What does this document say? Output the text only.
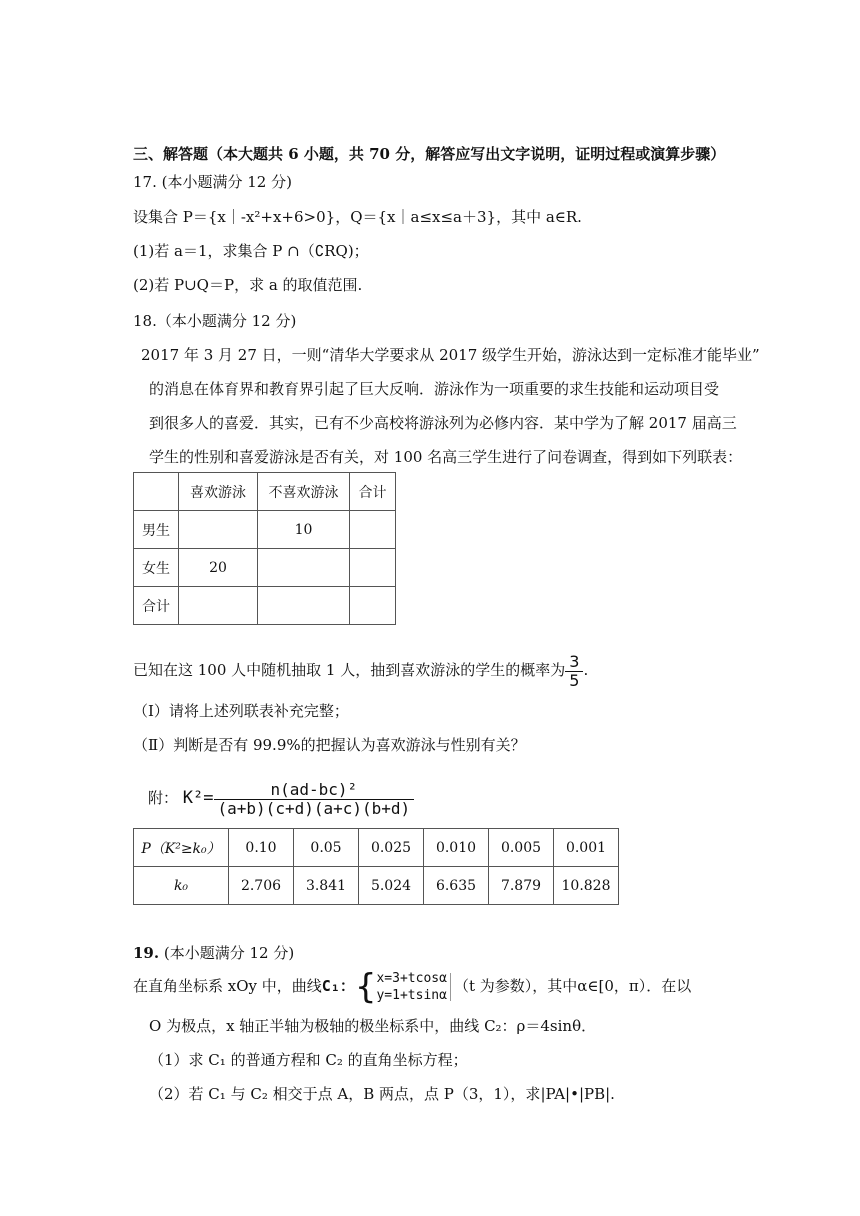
三、解答题（本大题共 6 小题，共 70 分，解答应写出文字说明，证明过程或演算步骤）
17. (本小题满分 12 分)
设集合 P＝{x｜-x²+x+6>0}，Q＝{x｜a≤x≤a＋3}，其中 a∈R.
(1)若 a＝1，求集合 P ∩（∁RQ)；
(2)若 P∪Q＝P，求 a 的取值范围.
18.（本小题满分 12 分)
2017 年 3 月 27 日，一则“清华大学要求从 2017 级学生开始，游泳达到一定标准才能毕业”
的消息在体育界和教育界引起了巨大反响．游泳作为一项重要的求生技能和运动项目受
到很多人的喜爱．其实，已有不少高校将游泳列为必修内容．某中学为了解 2017 届高三
学生的性别和喜爱游泳是否有关，对 100 名高三学生进行了问卷调查，得到如下列联表：
	喜欢游泳	不喜欢游泳	合计
男生		10	
女生	20		
合计			
已知在这 100 人中随机抽取 1 人，抽到喜欢游泳的学生的概率为 $\frac{3}{5}$ .
（Ⅰ）请将上述列联表补充完整；
（Ⅱ）判断是否有 99.9%的把握认为喜欢游泳与性别有关？
附： $K^2= \frac{\text{n(ad-bc)²}}{(a+b)(c+d)(a+c)(b+d)}$
P（K²≥k₀）	0.10	0.05	0.025	0.010	0.005	0.001
k₀	2.706	3.841	5.024	6.635	7.879	10.828
19. (本小题满分 12 分)
在直角坐标系 xOy 中，曲线C₁：{ x=3+tcosα
y=1+tsinα
（t 为参数），其中α∈[0，π）．在以
O 为极点，x 轴正半轴为极轴的极坐标系中，曲线 C₂：ρ＝4sinθ．
（1）求 C₁ 的普通方程和 C₂ 的直角坐标方程；
（2）若 C₁ 与 C₂ 相交于点 A，B 两点，点 P（3，1），求|PA|•|PB|.
